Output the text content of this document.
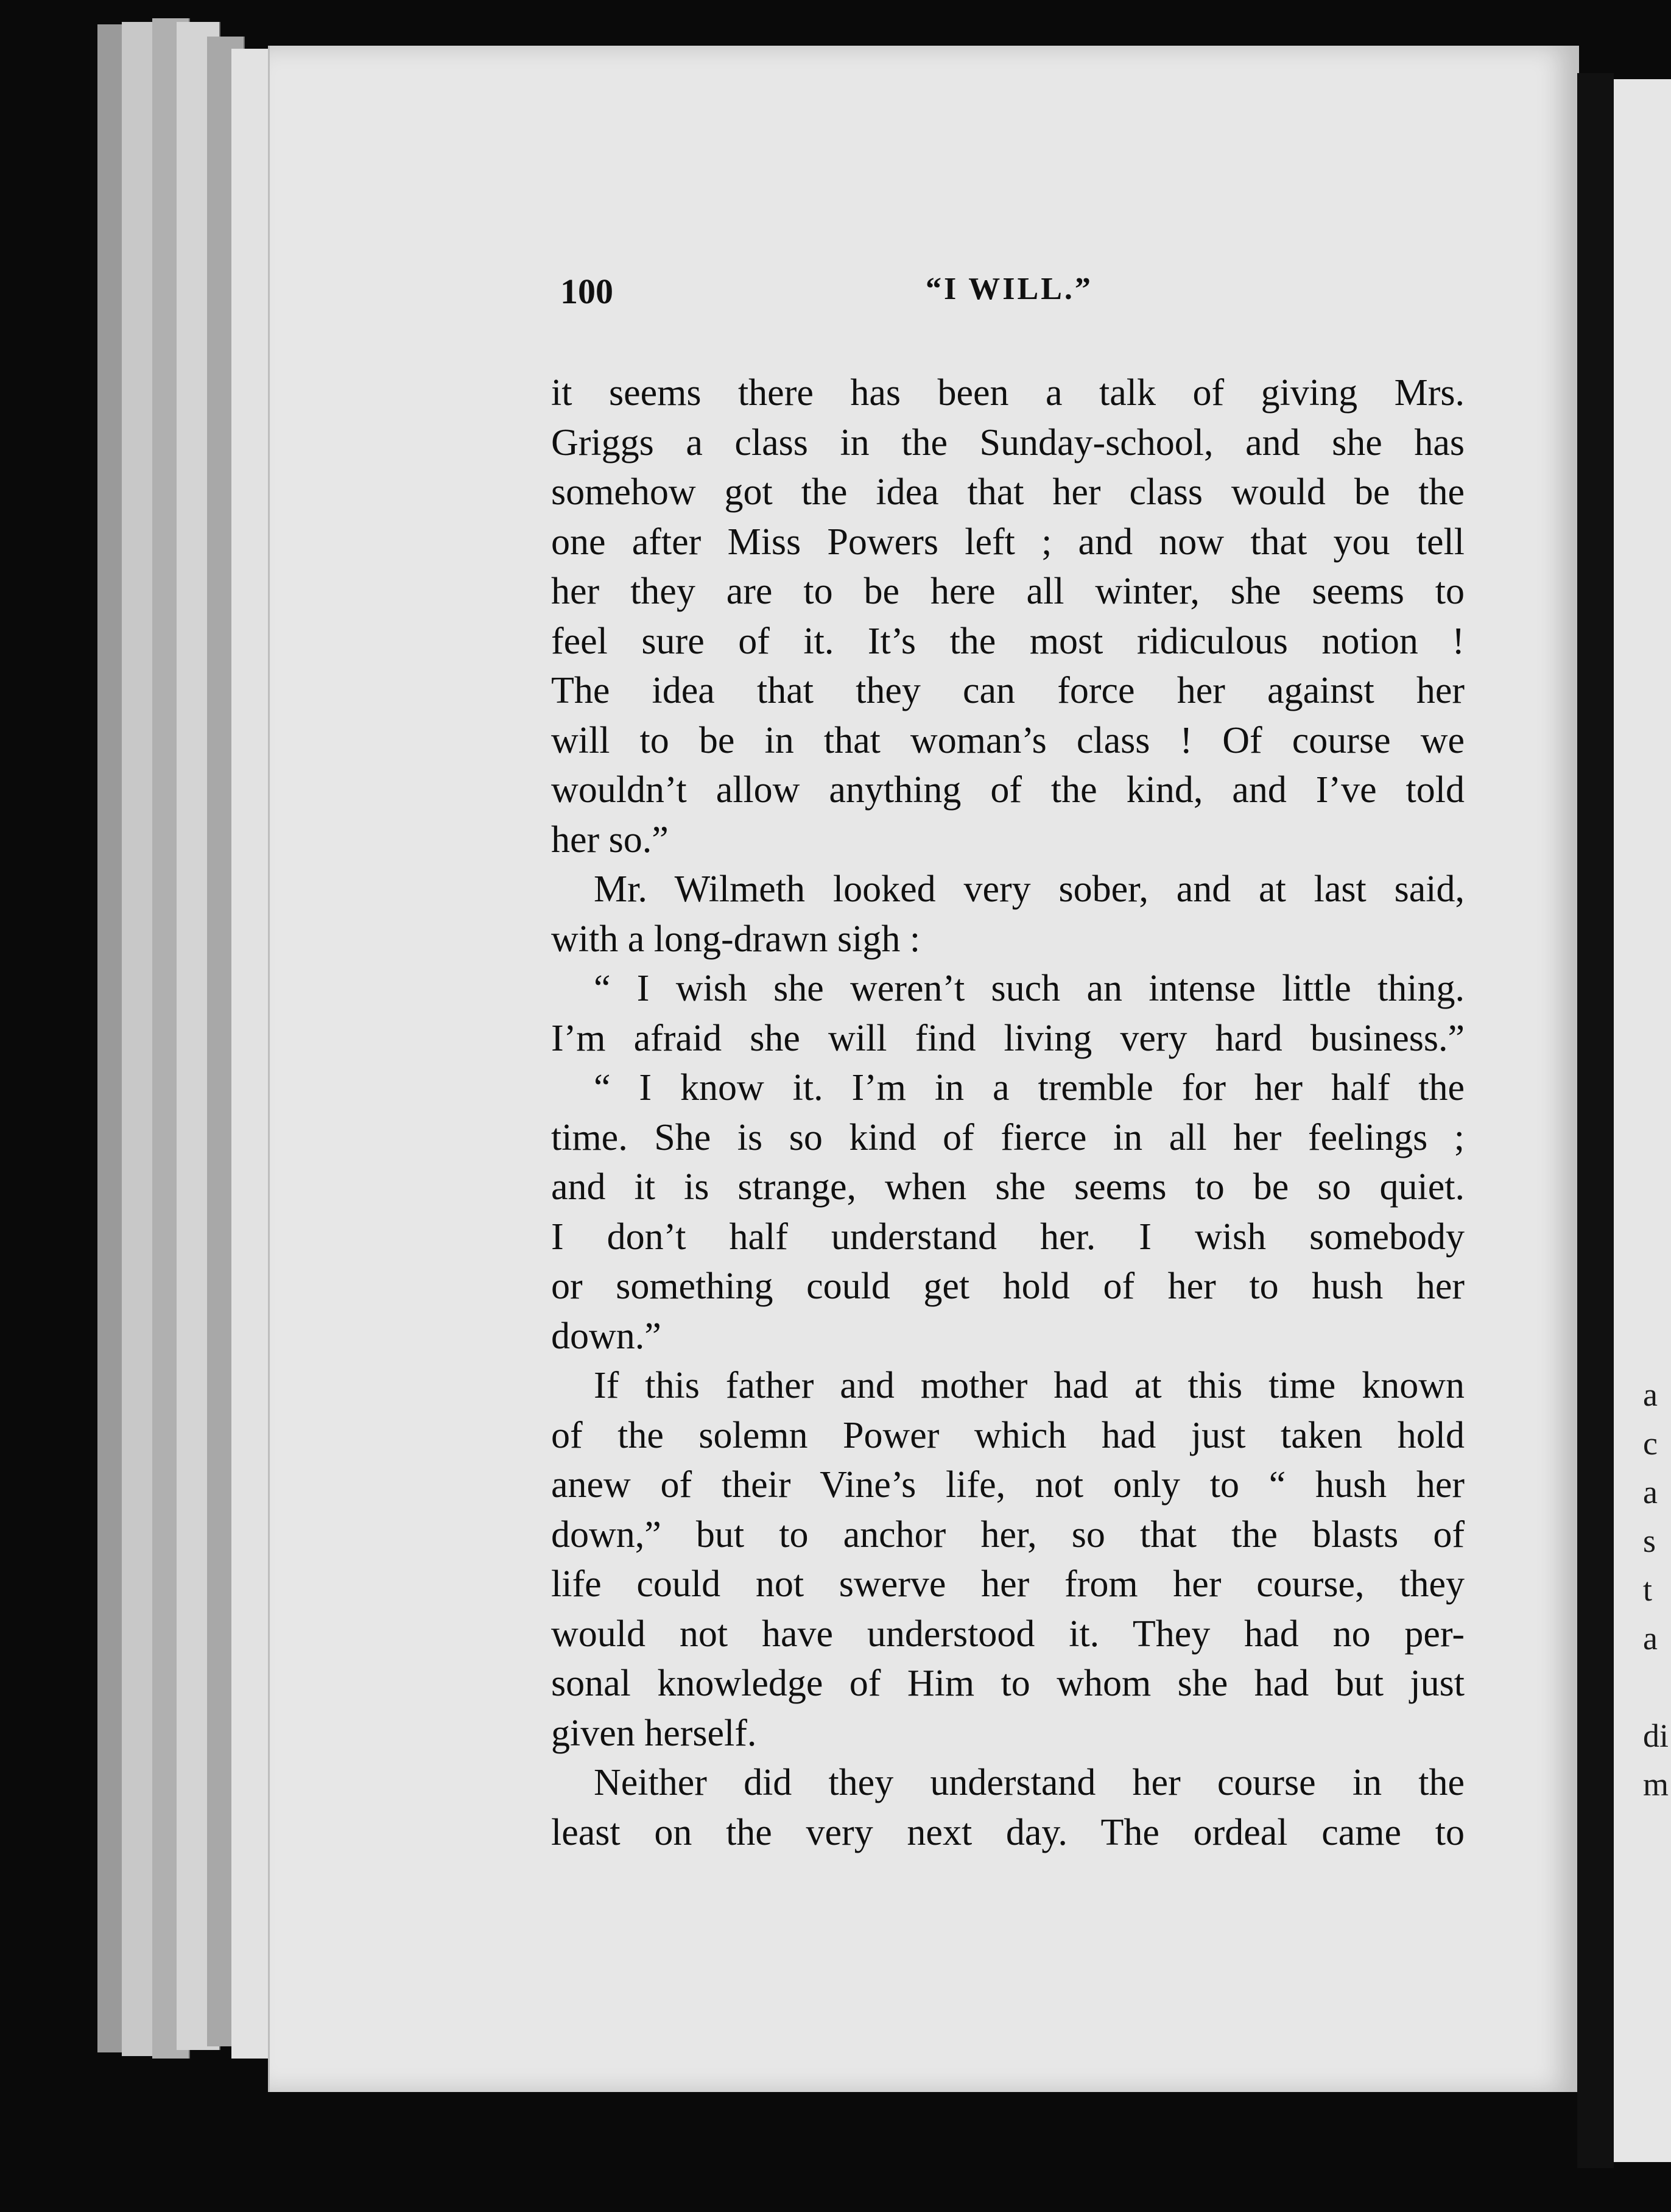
a
c
a
s
t
a
di
m
100	“I WILL.”
it seems there has been a talk of giving Mrs.
Griggs a class in the Sunday-school, and she has
somehow got the idea that her class would be the
one after Miss Powers left ; and now that you tell
her they are to be here all winter, she seems to
feel sure of it. It’s the most ridiculous notion !
The idea that they can force her against her
will to be in that woman’s class ! Of course we
wouldn’t allow anything of the kind, and I’ve told
her so.”
Mr. Wilmeth looked very sober, and at last said,
with a long-drawn sigh :
“ I wish she weren’t such an intense little thing.
I’m afraid she will find living very hard business.”
“ I know it. I’m in a tremble for her half the
time. She is so kind of fierce in all her feelings ;
and it is strange, when she seems to be so quiet.
I don’t half understand her. I wish somebody
or something could get hold of her to hush her
down.”
If this father and mother had at this time known
of the solemn Power which had just taken hold
anew of their Vine’s life, not only to “ hush her
down,” but to anchor her, so that the blasts of
life could not swerve her from her course, they
would not have understood it. They had no per-
sonal knowledge of Him to whom she had but just
given herself.
Neither did they understand her course in the
least on the very next day. The ordeal came to
